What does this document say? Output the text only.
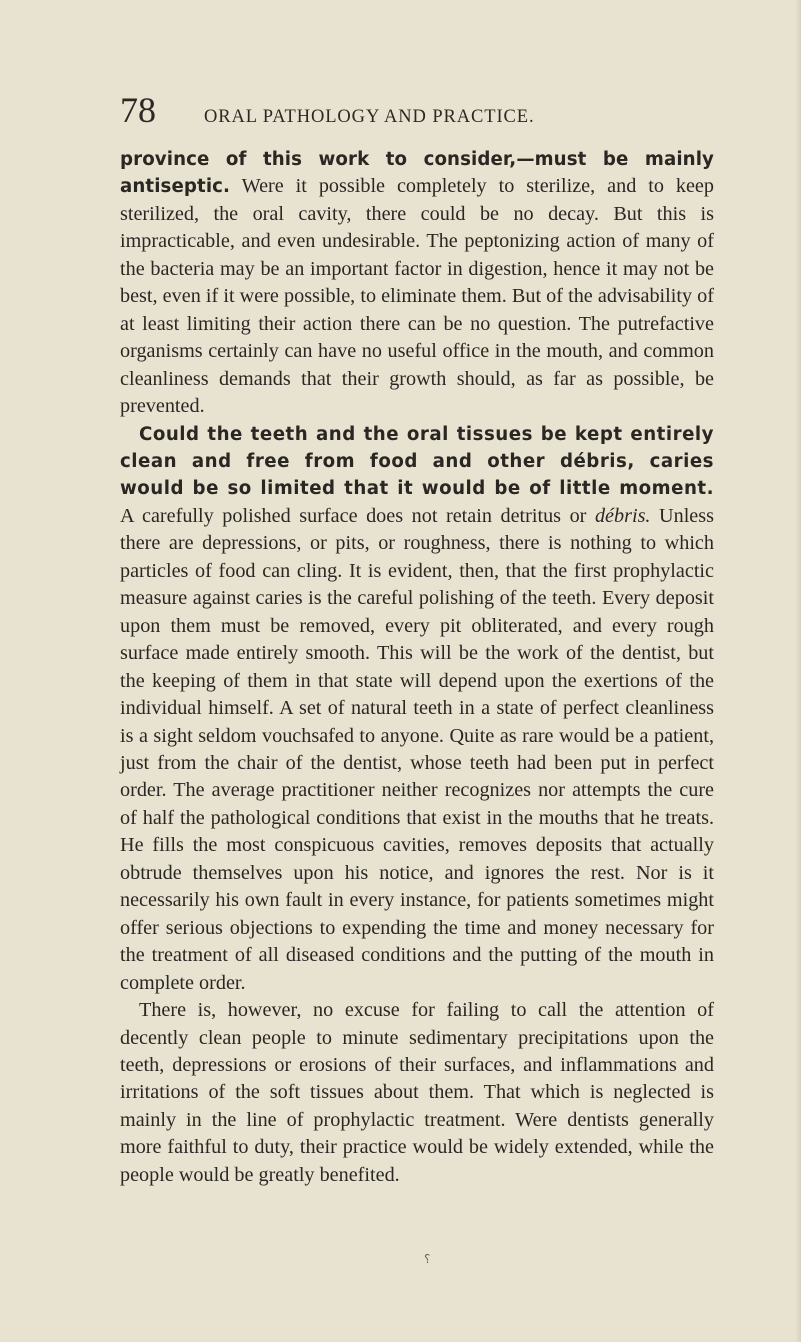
78	ORAL PATHOLOGY AND PRACTICE.

province of this work to consider,—must be mainly antiseptic. Were it possible completely to sterilize, and to keep sterilized, the oral cavity, there could be no decay. But this is impracticable, and even undesirable. The peptonizing action of many of the bacteria may be an important factor in digestion, hence it may not be best, even if it were possible, to eliminate them. But of the advisability of at least limiting their action there can be no question. The putrefactive organisms certainly can have no useful office in the mouth, and common cleanliness demands that their growth should, as far as possible, be prevented.

Could the teeth and the oral tissues be kept entirely clean and free from food and other débris, caries would be so limited that it would be of little moment. A carefully polished surface does not retain detritus or débris. Unless there are depressions, or pits, or roughness, there is nothing to which particles of food can cling. It is evident, then, that the first prophylactic measure against caries is the careful polishing of the teeth. Every deposit upon them must be removed, every pit obliterated, and every rough surface made entirely smooth. This will be the work of the dentist, but the keeping of them in that state will depend upon the exertions of the individual himself. A set of natural teeth in a state of perfect cleanliness is a sight seldom vouchsafed to anyone. Quite as rare would be a patient, just from the chair of the dentist, whose teeth had been put in perfect order. The average practitioner neither recognizes nor attempts the cure of half the pathological conditions that exist in the mouths that he treats. He fills the most conspicuous cavities, removes deposits that actually obtrude themselves upon his notice, and ignores the rest. Nor is it necessarily his own fault in every instance, for patients sometimes might offer serious objections to expending the time and money necessary for the treatment of all diseased conditions and the putting of the mouth in complete order.

There is, however, no excuse for failing to call the attention of decently clean people to minute sedimentary precipitations upon the teeth, depressions or erosions of their surfaces, and inflammations and irritations of the soft tissues about them. That which is neglected is mainly in the line of prophylactic treatment. Were dentists generally more faithful to duty, their practice would be widely extended, while the people would be greatly benefited.

⸮
